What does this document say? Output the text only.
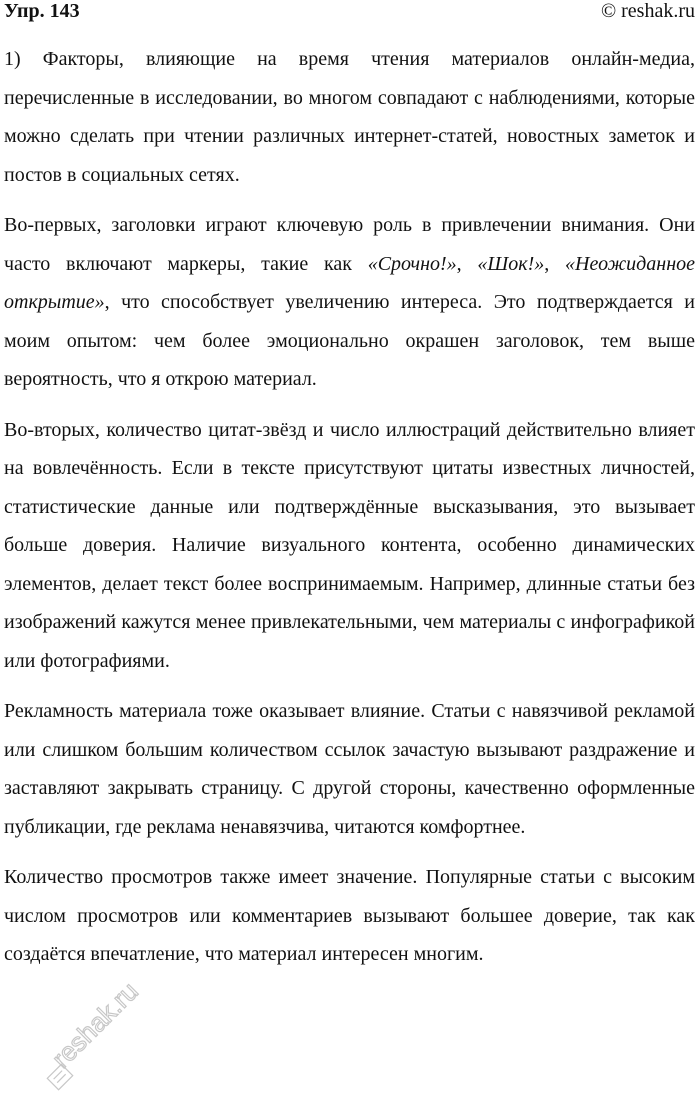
Упр. 143	© reshak.ru

1) Факторы, влияющие на время чтения материалов онлайн-медиа, перечисленные в исследовании, во многом совпадают с наблюдениями, которые можно сделать при чтении различных интернет-статей, новостных заметок и постов в социальных сетях.

Во-первых, заголовки играют ключевую роль в привлечении внимания. Они часто включают маркеры, такие как «Срочно!», «Шок!», «Неожиданное открытие», что способствует увеличению интереса. Это подтверждается и моим опытом: чем более эмоционально окрашен заголовок, тем выше вероятность, что я открою материал.

Во-вторых, количество цитат-звёзд и число иллюстраций действительно влияет на вовлечённость. Если в тексте присутствуют цитаты известных личностей, статистические данные или подтверждённые высказывания, это вызывает больше доверия. Наличие визуального контента, особенно динамических элементов, делает текст более воспринимаемым. Например, длинные статьи без изображений кажутся менее привлекательными, чем материалы с инфографикой или фотографиями.

Рекламность материала тоже оказывает влияние. Статьи с навязчивой рекламой или слишком большим количеством ссылок зачастую вызывают раздражение и заставляют закрывать страницу. С другой стороны, качественно оформленные публикации, где реклама ненавязчива, читаются комфортнее.

Количество просмотров также имеет значение. Популярные статьи с высоким числом просмотров или комментариев вызывают большее доверие, так как создаётся впечатление, что материал интересен многим.

reshak.ru
